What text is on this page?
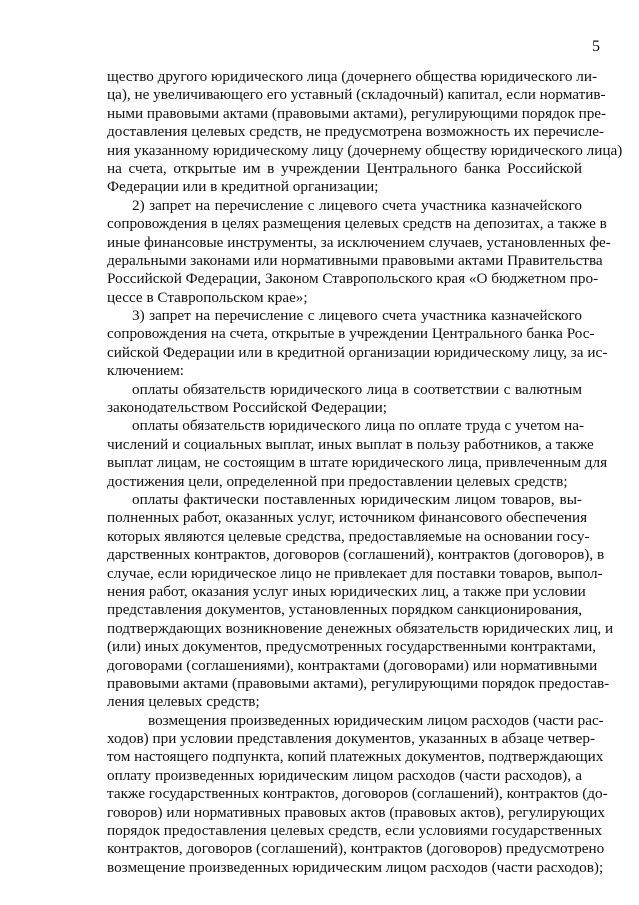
5
щество другого юридического лица (дочернего общества юридического ли-
ца), не увеличивающего его уставный (складочный) капитал, если норматив-
ными правовыми актами (правовыми актами), регулирующими порядок пре-
доставления целевых средств, не предусмотрена возможность их перечисле-
ния указанному юридическому лицу (дочернему обществу юридического лица)
на счета, открытые им в учреждении Центрального банка Российской
Федерации или в кредитной организации;
2) запрет на перечисление с лицевого счета участника казначейского
сопровождения в целях размещения целевых средств на депозитах, а также в
иные финансовые инструменты, за исключением случаев, установленных фе-
деральными законами или нормативными правовыми актами Правительства
Российской Федерации, Законом Ставропольского края «О бюджетном про-
цессе в Ставропольском крае»;
3) запрет на перечисление с лицевого счета участника казначейского
сопровождения на счета, открытые в учреждении Центрального банка Рос-
сийской Федерации или в кредитной организации юридическому лицу, за ис-
ключением:
оплаты обязательств юридического лица в соответствии с валютным
законодательством Российской Федерации;
оплаты обязательств юридического лица по оплате труда с учетом на-
числений и социальных выплат, иных выплат в пользу работников, а также
выплат лицам, не состоящим в штате юридического лица, привлеченным для
достижения цели, определенной при предоставлении целевых средств;
оплаты фактически поставленных юридическим лицом товаров, вы-
полненных работ, оказанных услуг, источником финансового обеспечения
которых являются целевые средства, предоставляемые на основании госу-
дарственных контрактов, договоров (соглашений), контрактов (договоров), в
случае, если юридическое лицо не привлекает для поставки товаров, выпол-
нения работ, оказания услуг иных юридических лиц, а также при условии
представления документов, установленных порядком санкционирования,
подтверждающих возникновение денежных обязательств юридических лиц, и
(или) иных документов, предусмотренных государственными контрактами,
договорами (соглашениями), контрактами (договорами) или нормативными
правовыми актами (правовыми актами), регулирующими порядок предостав-
ления целевых средств;
возмещения произведенных юридическим лицом расходов (части рас-
ходов) при условии представления документов, указанных в абзаце четвер-
том настоящего подпункта, копий платежных документов, подтверждающих
оплату произведенных юридическим лицом расходов (части расходов), а
также государственных контрактов, договоров (соглашений), контрактов (до-
говоров) или нормативных правовых актов (правовых актов), регулирующих
порядок предоставления целевых средств, если условиями государственных
контрактов, договоров (соглашений), контрактов (договоров) предусмотрено
возмещение произведенных юридическим лицом расходов (части расходов);
